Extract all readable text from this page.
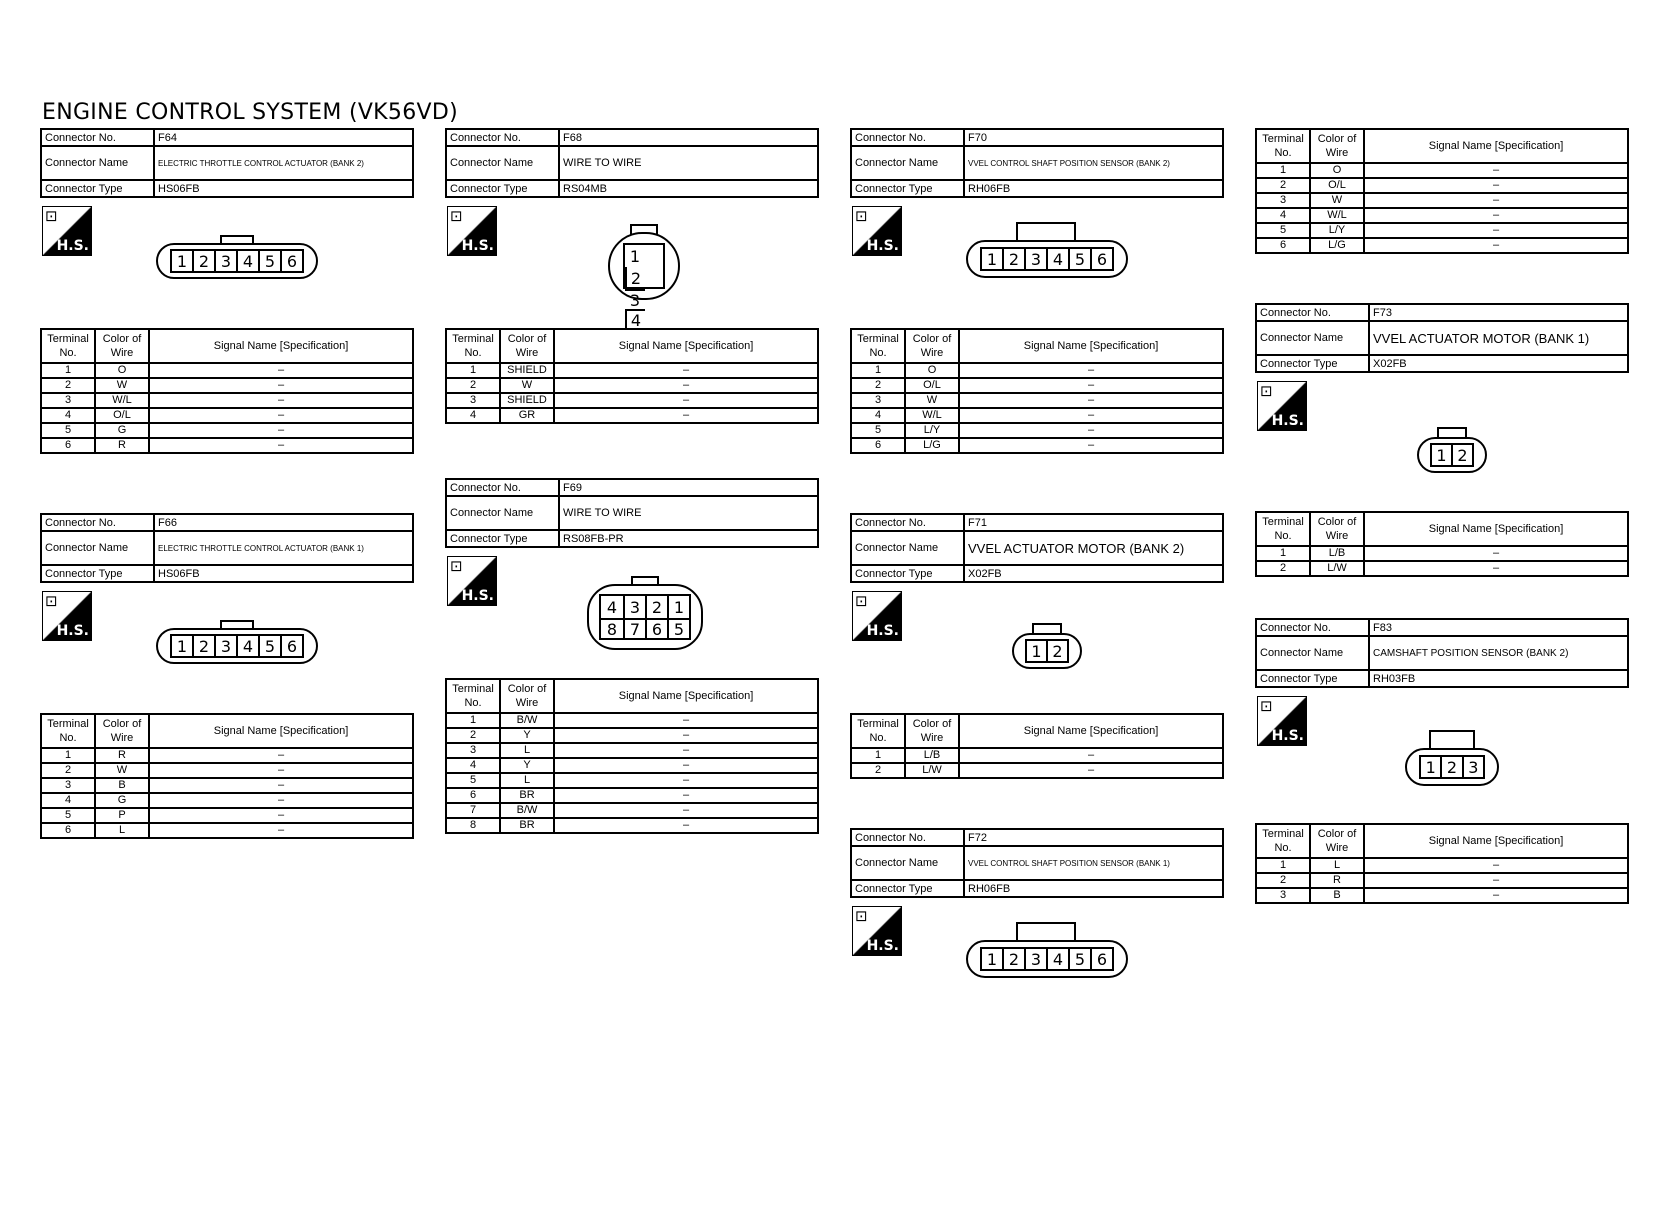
ENGINE CONTROL SYSTEM (VK56VD)
Connector No.	F64
Connector Name	ELECTRIC THROTTLE CONTROL ACTUATOR (BANK 2)
Connector Type	HS06FB
⊡
H.S.
1 2 3 4 5 6
Terminal No.	Color of Wire	Signal Name [Specification]
1	O	–
2	W	–
3	W/L	–
4	O/L	–
5	G	–
6	R	–
Connector No.	F66
Connector Name	ELECTRIC THROTTLE CONTROL ACTUATOR (BANK 1)
Connector Type	HS06FB
⊡
H.S.
1 2 3 4 5 6
Terminal No.	Color of Wire	Signal Name [Specification]
1	R	–
2	W	–
3	B	–
4	G	–
5	P	–
6	L	–
Connector No.	F68
Connector Name	WIRE TO WIRE
Connector Type	RS04MB
⊡
H.S.
1
2
3
4
Terminal No.	Color of Wire	Signal Name [Specification]
1	SHIELD	–
2	W	–
3	SHIELD	–
4	GR	–
Connector No.	F69
Connector Name	WIRE TO WIRE
Connector Type	RS08FB-PR
⊡
H.S.
4 3 2 1
8 7 6 5
Terminal No.	Color of Wire	Signal Name [Specification]
1	B/W	–
2	Y	–
3	L	–
4	Y	–
5	L	–
6	BR	–
7	B/W	–
8	BR	–
Connector No.	F70
Connector Name	VVEL CONTROL SHAFT POSITION SENSOR (BANK 2)
Connector Type	RH06FB
⊡
H.S.
1 2 3 4 5 6
Terminal No.	Color of Wire	Signal Name [Specification]
1	O	–
2	O/L	–
3	W	–
4	W/L	–
5	L/Y	–
6	L/G	–
Connector No.	F71
Connector Name	VVEL ACTUATOR MOTOR (BANK 2)
Connector Type	X02FB
⊡
H.S.
1 2
Terminal No.	Color of Wire	Signal Name [Specification]
1	L/B	–
2	L/W	–
Connector No.	F72
Connector Name	VVEL CONTROL SHAFT POSITION SENSOR (BANK 1)
Connector Type	RH06FB
⊡
H.S.
1 2 3 4 5 6
Terminal No.	Color of Wire	Signal Name [Specification]
1	O	–
2	O/L	–
3	W	–
4	W/L	–
5	L/Y	–
6	L/G	–
Connector No.	F73
Connector Name	VVEL ACTUATOR MOTOR (BANK 1)
Connector Type	X02FB
⊡
H.S.
1 2
Terminal No.	Color of Wire	Signal Name [Specification]
1	L/B	–
2	L/W	–
Connector No.	F83
Connector Name	CAMSHAFT POSITION SENSOR (BANK 2)
Connector Type	RH03FB
⊡
H.S.
1 2 3
Terminal No.	Color of Wire	Signal Name [Specification]
1	L	–
2	R	–
3	B	–
